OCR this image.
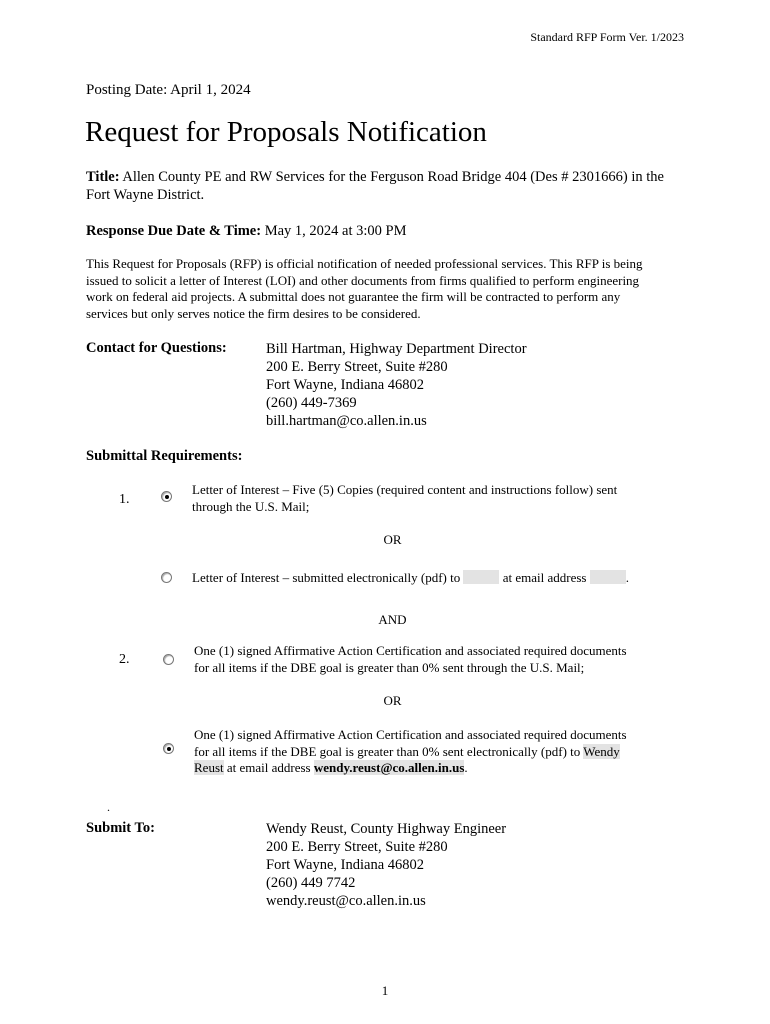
Standard RFP Form Ver. 1/2023
Posting Date: April 1, 2024
Request for Proposals Notification
Title: Allen County PE and RW Services for the Ferguson Road Bridge 404 (Des # 2301666) in the
Fort Wayne District.
Response Due Date & Time: May 1, 2024 at 3:00 PM
This Request for Proposals (RFP) is official notification of needed professional services. This RFP is being
issued to solicit a letter of Interest (LOI) and other documents from firms qualified to perform engineering
work on federal aid projects. A submittal does not guarantee the firm will be contracted to perform any
services but only serves notice the firm desires to be considered.
Contact for Questions:	Bill Hartman, Highway Department Director
200 E. Berry Street, Suite #280
Fort Wayne, Indiana 46802
(260) 449-7369
bill.hartman@co.allen.in.us
Submittal Requirements:
1.
Letter of Interest – Five (5) Copies (required content and instructions follow) sent
through the U.S. Mail;
OR
Letter of Interest – submitted electronically (pdf) to	at email address	.
AND
2.
One (1) signed Affirmative Action Certification and associated required documents
for all items if the DBE goal is greater than 0% sent through the U.S. Mail;
OR
One (1) signed Affirmative Action Certification and associated required documents
for all items if the DBE goal is greater than 0% sent electronically (pdf) to Wendy
Reust at email address wendy.reust@co.allen.in.us.
.
Submit To:	Wendy Reust, County Highway Engineer
200 E. Berry Street, Suite #280
Fort Wayne, Indiana 46802
(260) 449 7742
wendy.reust@co.allen.in.us
1
